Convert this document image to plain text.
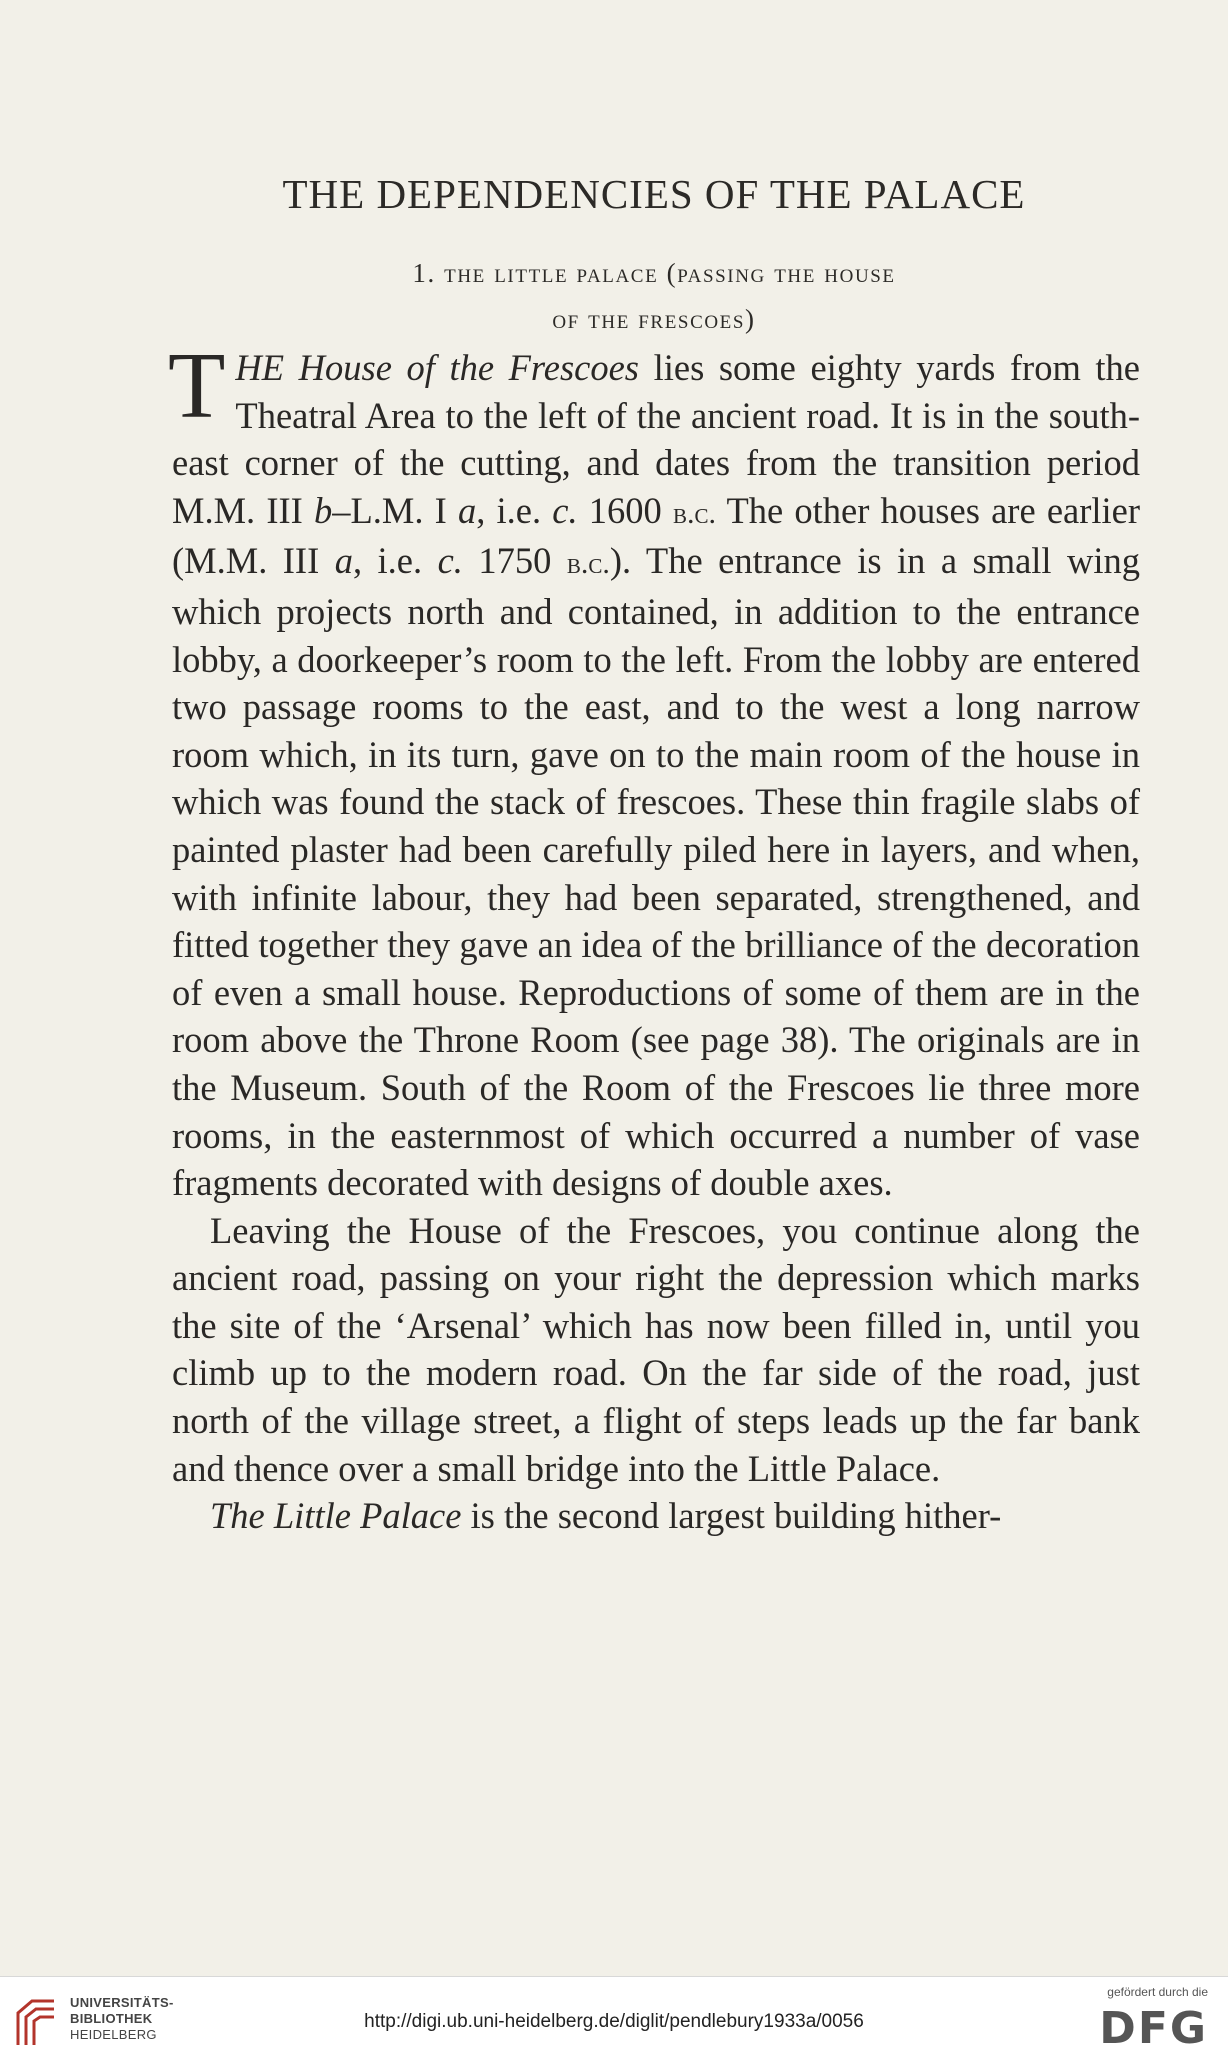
THE DEPENDENCIES OF THE PALACE
1. the little palace (passing the house
of the frescoes)

THE House of the Frescoes lies some eighty yards from the Theatral Area to the left of the ancient road. It is in the south-east corner of the cutting, and dates from the transition period M.M. III b–L.M. I a, i.e. c. 1600 b.c. The other houses are earlier (M.M. III a, i.e. c. 1750 b.c.). The entrance is in a small wing which projects north and contained, in addition to the entrance lobby, a doorkeeper’s room to the left. From the lobby are entered two passage rooms to the east, and to the west a long narrow room which, in its turn, gave on to the main room of the house in which was found the stack of frescoes. These thin fragile slabs of painted plaster had been carefully piled here in layers, and when, with infinite labour, they had been separated, strengthened, and fitted together they gave an idea of the brilliance of the decoration of even a small house. Reproductions of some of them are in the room above the Throne Room (see page 38). The originals are in the Museum. South of the Room of the Frescoes lie three more rooms, in the easternmost of which occurred a number of vase fragments decorated with designs of double axes.

Leaving the House of the Frescoes, you continue along the ancient road, passing on your right the depression which marks the site of the ‘Arsenal’ which has now been filled in, until you climb up to the modern road. On the far side of the road, just north of the village street, a flight of steps leads up the far bank and thence over a small bridge into the Little Palace.

The Little Palace is the second largest building hither-

UNIVERSITÄTS-
BIBLIOTHEK
HEIDELBERG
http://digi.ub.uni-heidelberg.de/diglit/pendlebury1933a/0056
gefördert durch die
DFG
